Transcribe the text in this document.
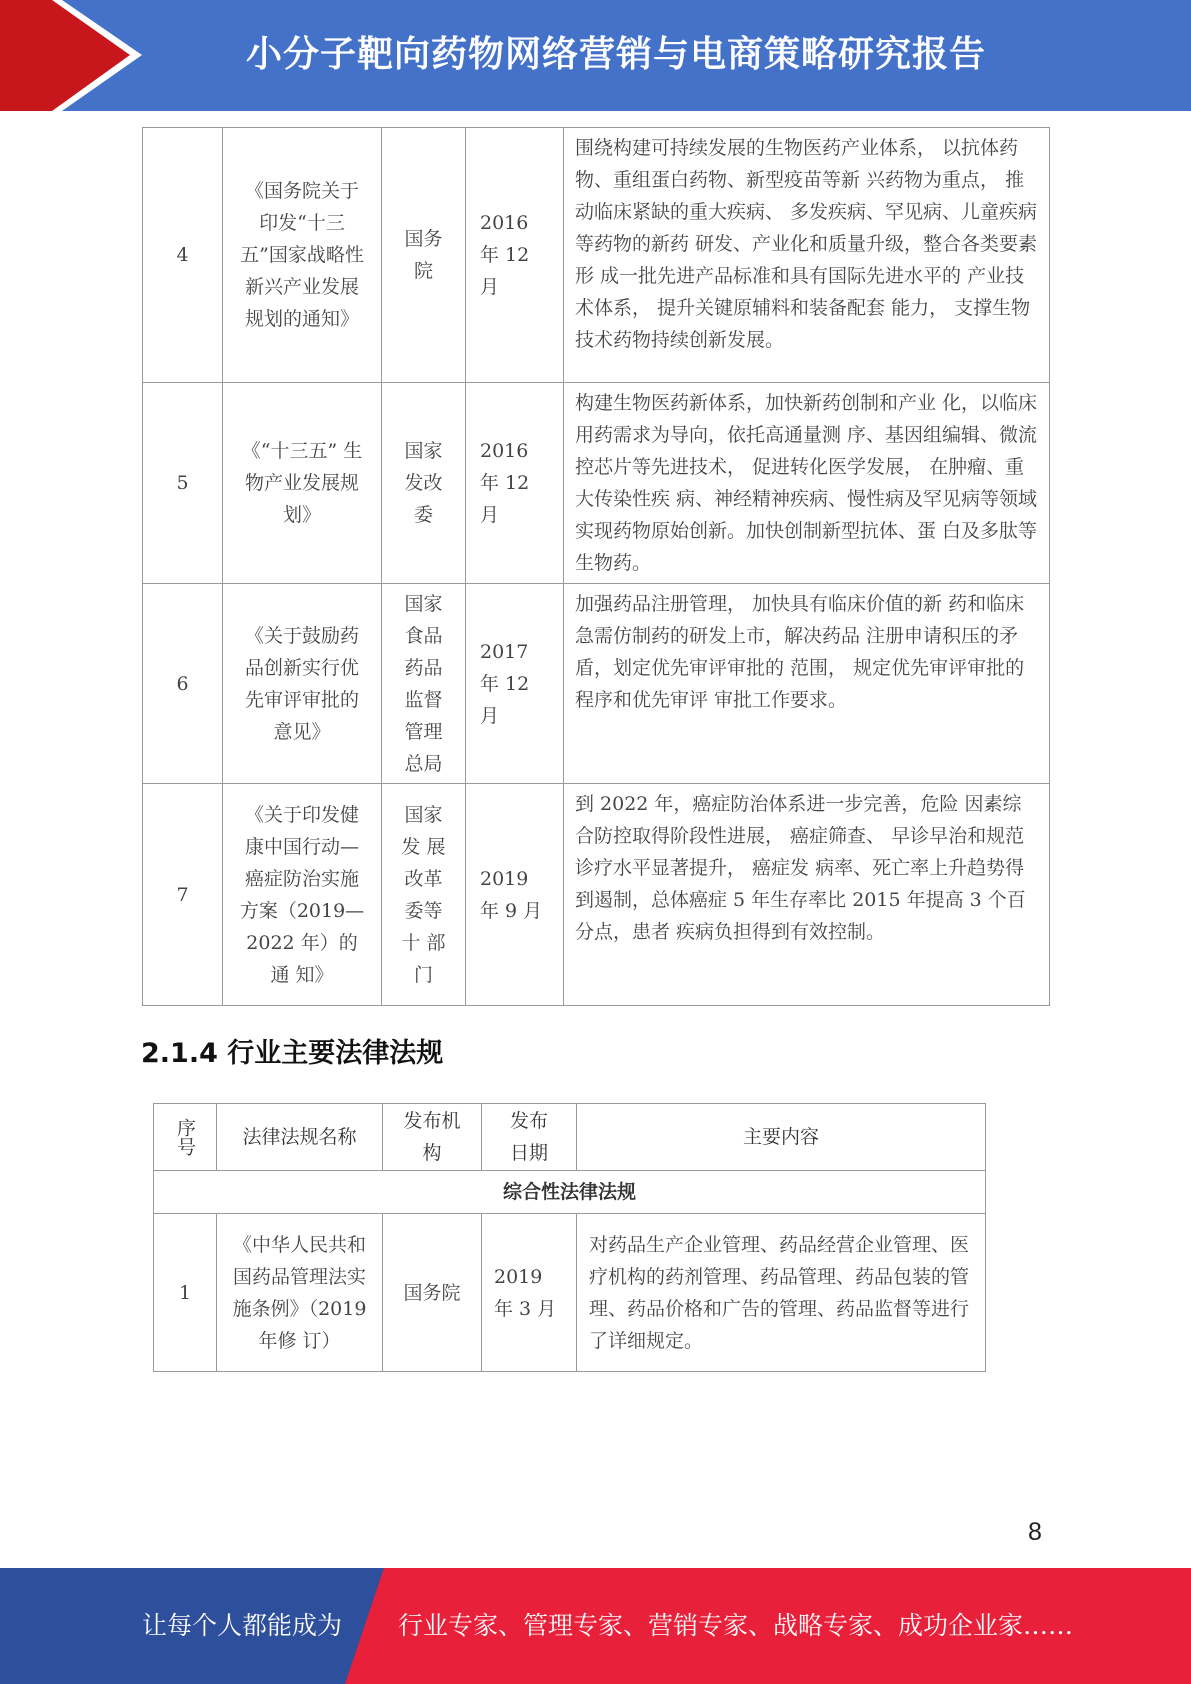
小分子靶向药物网络营销与电商策略研究报告
4	《国务院关于印发“十三五”国家战略性新兴产业发展规划的通知》	国务院	2016 年 12 月	围绕构建可持续发展的生物医药产业体系， 以抗体药物、重组蛋白药物、新型疫苗等新 兴药物为重点， 推动临床紧缺的重大疾病、 多发疾病、罕见病、儿童疾病等药物的新药 研发、产业化和质量升级，整合各类要素形 成一批先进产品标准和具有国际先进水平的 产业技术体系， 提升关键原辅料和装备配套 能力， 支撑生物技术药物持续创新发展。
5	《“十三五” 生物产业发展规划》	国家发改委	2016 年 12 月	构建生物医药新体系，加快新药创制和产业 化，以临床用药需求为导向，依托高通量测 序、基因组编辑、微流控芯片等先进技术， 促进转化医学发展， 在肿瘤、重大传染性疾 病、神经精神疾病、慢性病及罕见病等领域 实现药物原始创新。加快创制新型抗体、蛋 白及多肽等生物药。
6	《关于鼓励药品创新实行优先审评审批的意见》	国家食品药品监督管理总局	2017 年 12 月	加强药品注册管理， 加快具有临床价值的新 药和临床急需仿制药的研发上市，解决药品 注册申请积压的矛盾，划定优先审评审批的 范围， 规定优先审评审批的程序和优先审评 审批工作要求。
7	《关于印发健康中国行动—癌症防治实施方案（2019—2022 年）的通 知》	国家发 展改革委等十 部门	2019 年 9 月	到 2022 年，癌症防治体系进一步完善，危险 因素综合防控取得阶段性进展， 癌症筛查、 早诊早治和规范诊疗水平显著提升， 癌症发 病率、死亡率上升趋势得到遏制，总体癌症 5 年生存率比 2015 年提高 3 个百分点，患者 疾病负担得到有效控制。
2.1.4 行业主要法律法规
序号	法律法规名称	发布机构	发布日期	主要内容
综合性法律法规				
1	《中华人民共和国药品管理法实施条例》（2019 年修 订）	国务院	2019 年 3 月	对药品生产企业管理、药品经营企业管理、医疗机构的药剂管理、药品管理、药品包装的管理、药品价格和广告的管理、药品监督等进行了详细规定。
8
让每个人都能成为 行业专家、管理专家、营销专家、战略专家、成功企业家……
